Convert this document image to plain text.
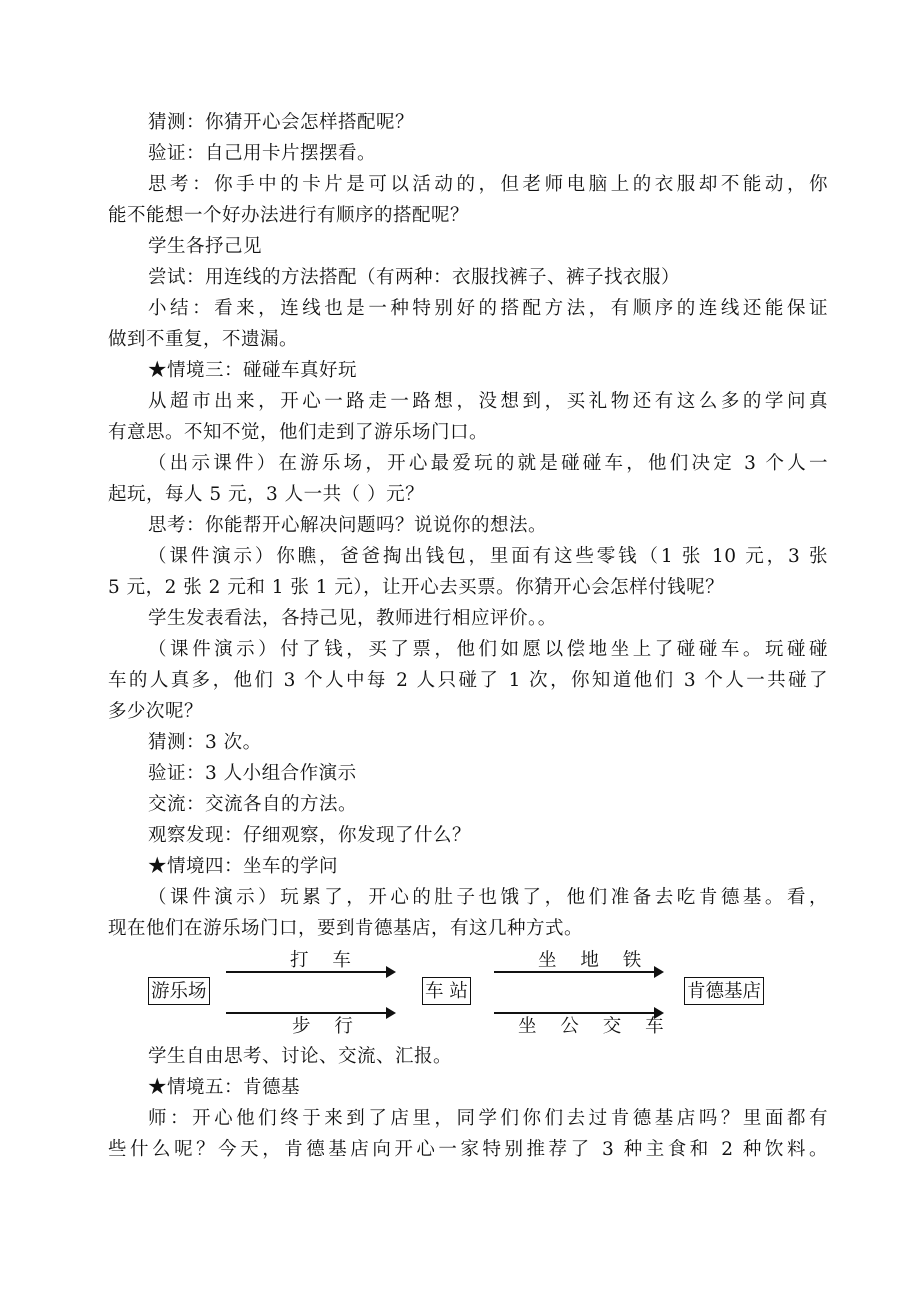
猜测：你猜开心会怎样搭配呢？
验证：自己用卡片摆摆看。
思考：你手中的卡片是可以活动的，但老师电脑上的衣服却不能动，你
能不能想一个好办法进行有顺序的搭配呢？
学生各抒己见
尝试：用连线的方法搭配（有两种：衣服找裤子、裤子找衣服）
小结：看来，连线也是一种特别好的搭配方法，有顺序的连线还能保证
做到不重复，不遗漏。
★情境三：碰碰车真好玩
从超市出来，开心一路走一路想，没想到，买礼物还有这么多的学问真
有意思。不知不觉，他们走到了游乐场门口。
（出示课件）在游乐场，开心最爱玩的就是碰碰车，他们决定 3 个人一
起玩，每人 5 元，3 人一共（ ）元？
思考：你能帮开心解决问题吗？说说你的想法。
（课件演示）你瞧，爸爸掏出钱包，里面有这些零钱（1 张 10 元，3 张
5 元，2 张 2 元和 1 张 1 元），让开心去买票。你猜开心会怎样付钱呢？
学生发表看法，各持己见，教师进行相应评价。。
（课件演示）付了钱，买了票，他们如愿以偿地坐上了碰碰车。玩碰碰
车的人真多，他们 3 个人中每 2 人只碰了 1 次，你知道他们 3 个人一共碰了
多少次呢？
猜测：3 次。
验证：3 人小组合作演示
交流：交流各自的方法。
观察发现：仔细观察，你发现了什么？
★情境四：坐车的学问
（课件演示）玩累了，开心的肚子也饿了，他们准备去吃肯德基。看，
现在他们在游乐场门口，要到肯德基店，有这几种方式。
游乐场
打 车
步 行
车 站
坐 地 铁
坐 公 交 车
肯德基店
学生自由思考、讨论、交流、汇报。
★情境五：肯德基
师：开心他们终于来到了店里，同学们你们去过肯德基店吗？里面都有
些什么呢？今天，肯德基店向开心一家特别推荐了 3 种主食和 2 种饮料。
